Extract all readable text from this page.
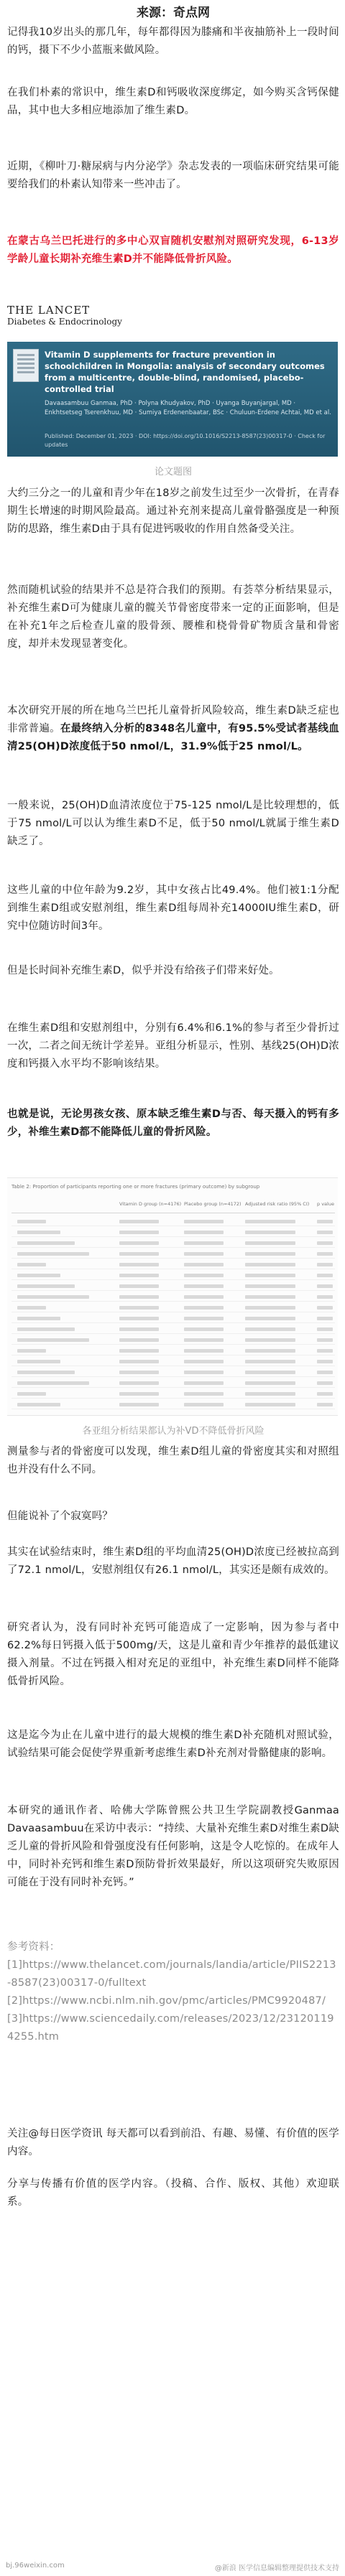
来源：奇点网

记得我10岁出头的那几年，每年都得因为膝痛和半夜抽筋补上一段时间的钙，摄下不少小蓝瓶来做风险。

在我们朴素的常识中，维生素D和钙吸收深度绑定，如今购买含钙保健品，其中也大多相应地添加了维生素D。

近期，《柳叶刀·糖尿病与内分泌学》杂志发表的一项临床研究结果可能要给我们的朴素认知带来一些冲击了。

在蒙古乌兰巴托进行的多中心双盲随机安慰剂对照研究发现，6-13岁学龄儿童长期补充维生素D并不能降低骨折风险。

THE LANCET
Diabetes & Endocrinology
Vitamin D supplements for fracture prevention in schoolchildren in Mongolia: analysis of secondary outcomes from a multicentre, double-blind, randomised, placebo-controlled trial
Davaasambuu Ganmaa, PhD · Polyna Khudyakov, PhD · Uyanga Buyanjargal, MD · Enkhtsetseg Tserenkhuu, MD · Sumiya Erdenenbaatar, BSc · Chuluun-Erdene Achtai, MD et al.
Published: December 01, 2023 · DOI: https://doi.org/10.1016/S2213-8587(23)00317-0 · Check for updates
论文题图

大约三分之一的儿童和青少年在18岁之前发生过至少一次骨折，在青春期生长增速的时期风险最高。通过补充剂来提高儿童骨骼强度是一种预防的思路，维生素D由于具有促进钙吸收的作用自然备受关注。

然而随机试验的结果并不总是符合我们的预期。有荟萃分析结果显示，补充维生素D可为健康儿童的髋关节骨密度带来一定的正面影响，但是在补充1年之后检查儿童的股骨颈、腰椎和桡骨骨矿物质含量和骨密度，却并未发现显著变化。

本次研究开展的所在地乌兰巴托儿童骨折风险较高，维生素D缺乏症也非常普遍。在最终纳入分析的8348名儿童中，有95.5%受试者基线血清25(OH)D浓度低于50 nmol/L，31.9%低于25 nmol/L。

一般来说，25(OH)D血清浓度位于75-125 nmol/L是比较理想的，低于75 nmol/L可以认为维生素D不足，低于50 nmol/L就属于维生素D缺乏了。

这些儿童的中位年龄为9.2岁，其中女孩占比49.4%。他们被1:1分配到维生素D组或安慰剂组，维生素D组每周补充14000IU维生素D，研究中位随访时间3年。

但是长时间补充维生素D，似乎并没有给孩子们带来好处。

在维生素D组和安慰剂组中，分别有6.4%和6.1%的参与者至少骨折过一次，二者之间无统计学差异。亚组分析显示，性别、基线25(OH)D浓度和钙摄入水平均不影响该结果。

也就是说，无论男孩女孩、原本缺乏维生素D与否、每天摄入的钙有多少，补维生素D都不能降低儿童的骨折风险。

Table 2: Proportion of participants reporting one or more fractures (primary outcome) by subgroup
Vitamin D group (n=4176) Placebo group (n=4172) Adjusted risk ratio (95% CI) p value
各亚组分析结果都认为补VD不降低骨折风险

测量参与者的骨密度可以发现，维生素D组儿童的骨密度其实和对照组也并没有什么不同。

但能说补了个寂寞吗？

其实在试验结束时，维生素D组的平均血清25(OH)D浓度已经被拉高到了72.1 nmol/L，安慰剂组仅有26.1 nmol/L，其实还是颇有成效的。

研究者认为，没有同时补充钙可能造成了一定影响，因为参与者中62.2%每日钙摄入低于500mg/天，这是儿童和青少年推荐的最低建议摄入剂量。不过在钙摄入相对充足的亚组中，补充维生素D同样不能降低骨折风险。

这是迄今为止在儿童中进行的最大规模的维生素D补充随机对照试验，试验结果可能会促使学界重新考虑维生素D补充剂对骨骼健康的影响。

本研究的通讯作者、哈佛大学陈曾熙公共卫生学院副教授Ganmaa Davaasambuu在采访中表示：“持续、大量补充维生素D对维生素D缺乏儿童的骨折风险和骨强度没有任何影响，这是令人吃惊的。在成年人中，同时补充钙和维生素D预防骨折效果最好，所以这项研究失败原因可能在于没有同时补充钙。”

参考资料：

[1]https://www.thelancet.com/journals/landia/article/PIIS2213-8587(23)00317-0/fulltext

[2]https://www.ncbi.nlm.nih.gov/pmc/articles/PMC9920487/

[3]https://www.sciencedaily.com/releases/2023/12/231201194255.htm

关注@每日医学资讯 每天都可以看到前沿、有趣、易懂、有价值的医学内容。

分享与传播有价值的医学内容。（投稿、合作、版权、其他）欢迎联系。

bj.96weixin.com	@新浪 医学信息编辑整理提供技术支持
